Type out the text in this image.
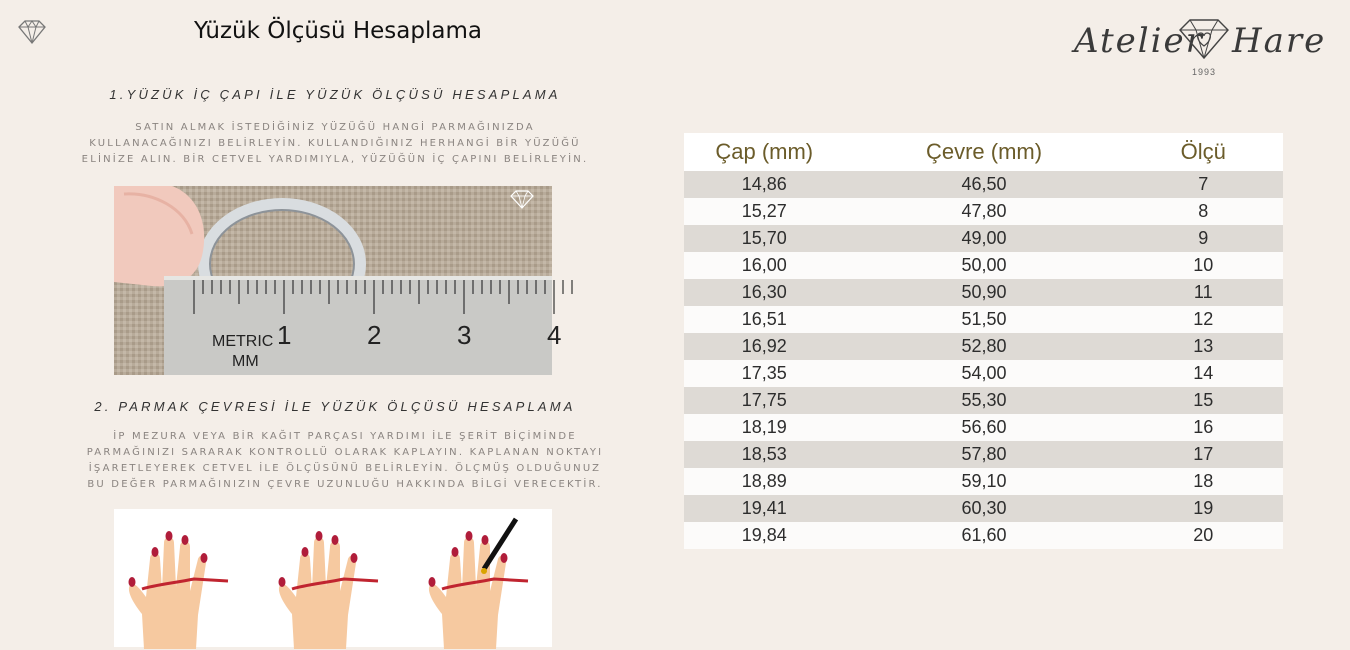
Yüzük Ölçüsü Hesaplama	Atelier Hare
1993
1.YÜZÜK İÇ ÇAPI İLE YÜZÜK ÖLÇÜSÜ HESAPLAMA
SATIN ALMAK İSTEDİĞİNİZ YÜZÜĞÜ HANGİ PARMAĞINIZDA
KULLANACAĞINIZI BELİRLEYİN. KULLANDIĞINIZ HERHANGİ BİR YÜZÜĞÜ
ELİNİZE ALIN. BİR CETVEL YARDIMIYLA, YÜZÜĞÜN İÇ ÇAPINI BELİRLEYİN.
METRIC
MM
1	2	3	4
2. PARMAK ÇEVRESİ İLE YÜZÜK ÖLÇÜSÜ HESAPLAMA
İP MEZURA VEYA BİR KAĞIT PARÇASI YARDIMI İLE ŞERİT BİÇİMİNDE
PARMAĞINIZI SARARAK KONTROLLÜ OLARAK KAPLAYIN. KAPLANAN NOKTAYI
İŞARETLEYEREK CETVEL İLE ÖLÇÜSÜNÜ BELİRLEYİN. ÖLÇMÜŞ OLDUĞUNUZ
BU DEĞER PARMAĞINIZIN ÇEVRE UZUNLUĞU HAKKINDA BİLGİ VERECEKTİR.
Çap (mm)	Çevre (mm)	Ölçü
14,86	46,50	7
15,27	47,80	8
15,70	49,00	9
16,00	50,00	10
16,30	50,90	11
16,51	51,50	12
16,92	52,80	13
17,35	54,00	14
17,75	55,30	15
18,19	56,60	16
18,53	57,80	17
18,89	59,10	18
19,41	60,30	19
19,84	61,60	20
